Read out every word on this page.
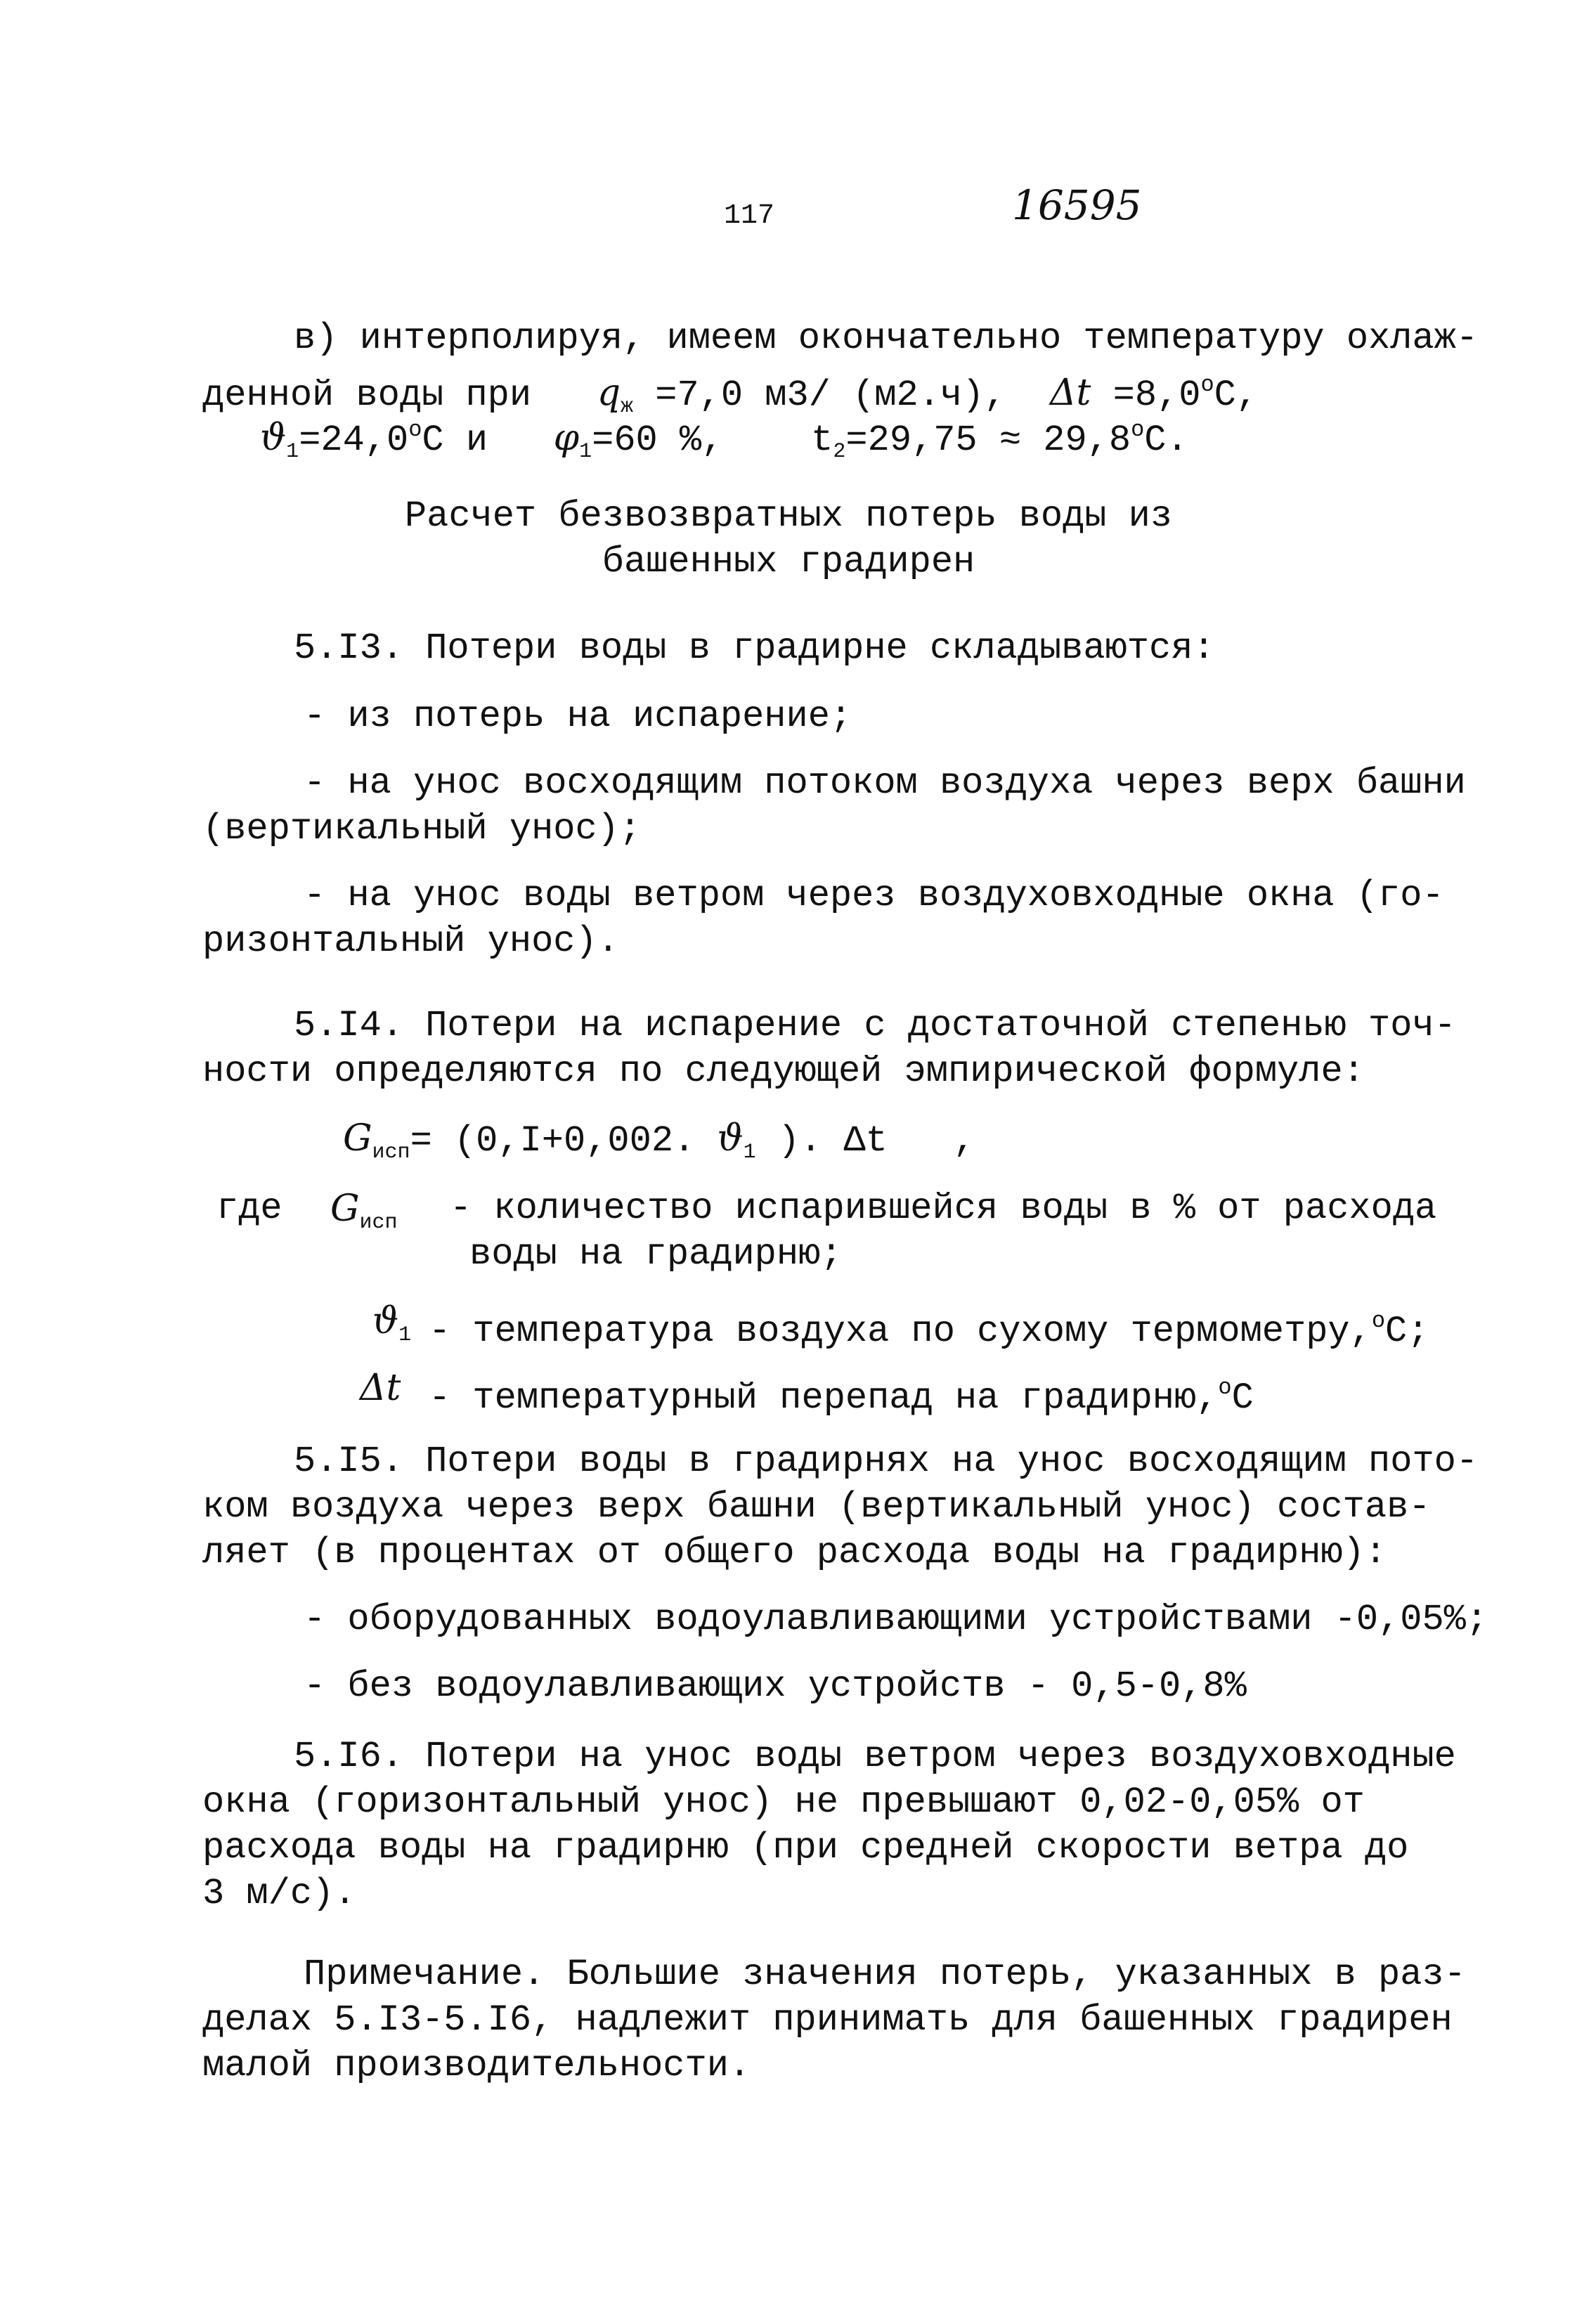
117	16595
в) интерполируя, имеем окончательно температуру охлаж-
денной воды при $q_ж =7,0$ м3/ (м2.ч), $\Delta t =8,0^оС$,
$ϑ_1=24,0^оС$ и $\varphi_1=60$ %, $t_2=29,75 \approx 29,8^оС$.
Расчет безвозвратных потерь воды из
башенных градирен
5.I3. Потери воды в градирне складываются:
- из потерь на испарение;
- на унос восходящим потоком воздуха через верх башни
(вертикальный унос);
- на унос воды ветром через воздуховходные окна (го-
ризонтальный унос).
5.I4. Потери на испарение с достаточной степенью точ-
ности определяются по следующей эмпирической формуле:
$G_{исп}= (0,I+0,002$. $ϑ_1$ ). Δt   ,
где $G_{исп}$ - количество испарившейся воды в % от расхода
воды на градирню;
$ϑ_1$ - температура воздуха по сухому термометру,$^о$С;
Δt - температурный перепад на градирню,$^о$С
5.I5. Потери воды в градирнях на унос восходящим пото-
ком воздуха через верх башни (вертикальный унос) состав-
ляет (в процентах от общего расхода воды на градирню):
- оборудованных водоулавливающими устройствами -0,05%;
- без водоулавливающих устройств - 0,5-0,8%
5.I6. Потери на унос воды ветром через воздуховходные
окна (горизонтальный унос) не превышают 0,02-0,05% от
расхода воды на градирню (при средней скорости ветра до
3 м/с).
Примечание. Большие значения потерь, указанных в раз-
делах 5.I3-5.I6, надлежит принимать для башенных градирен
малой производительности.
